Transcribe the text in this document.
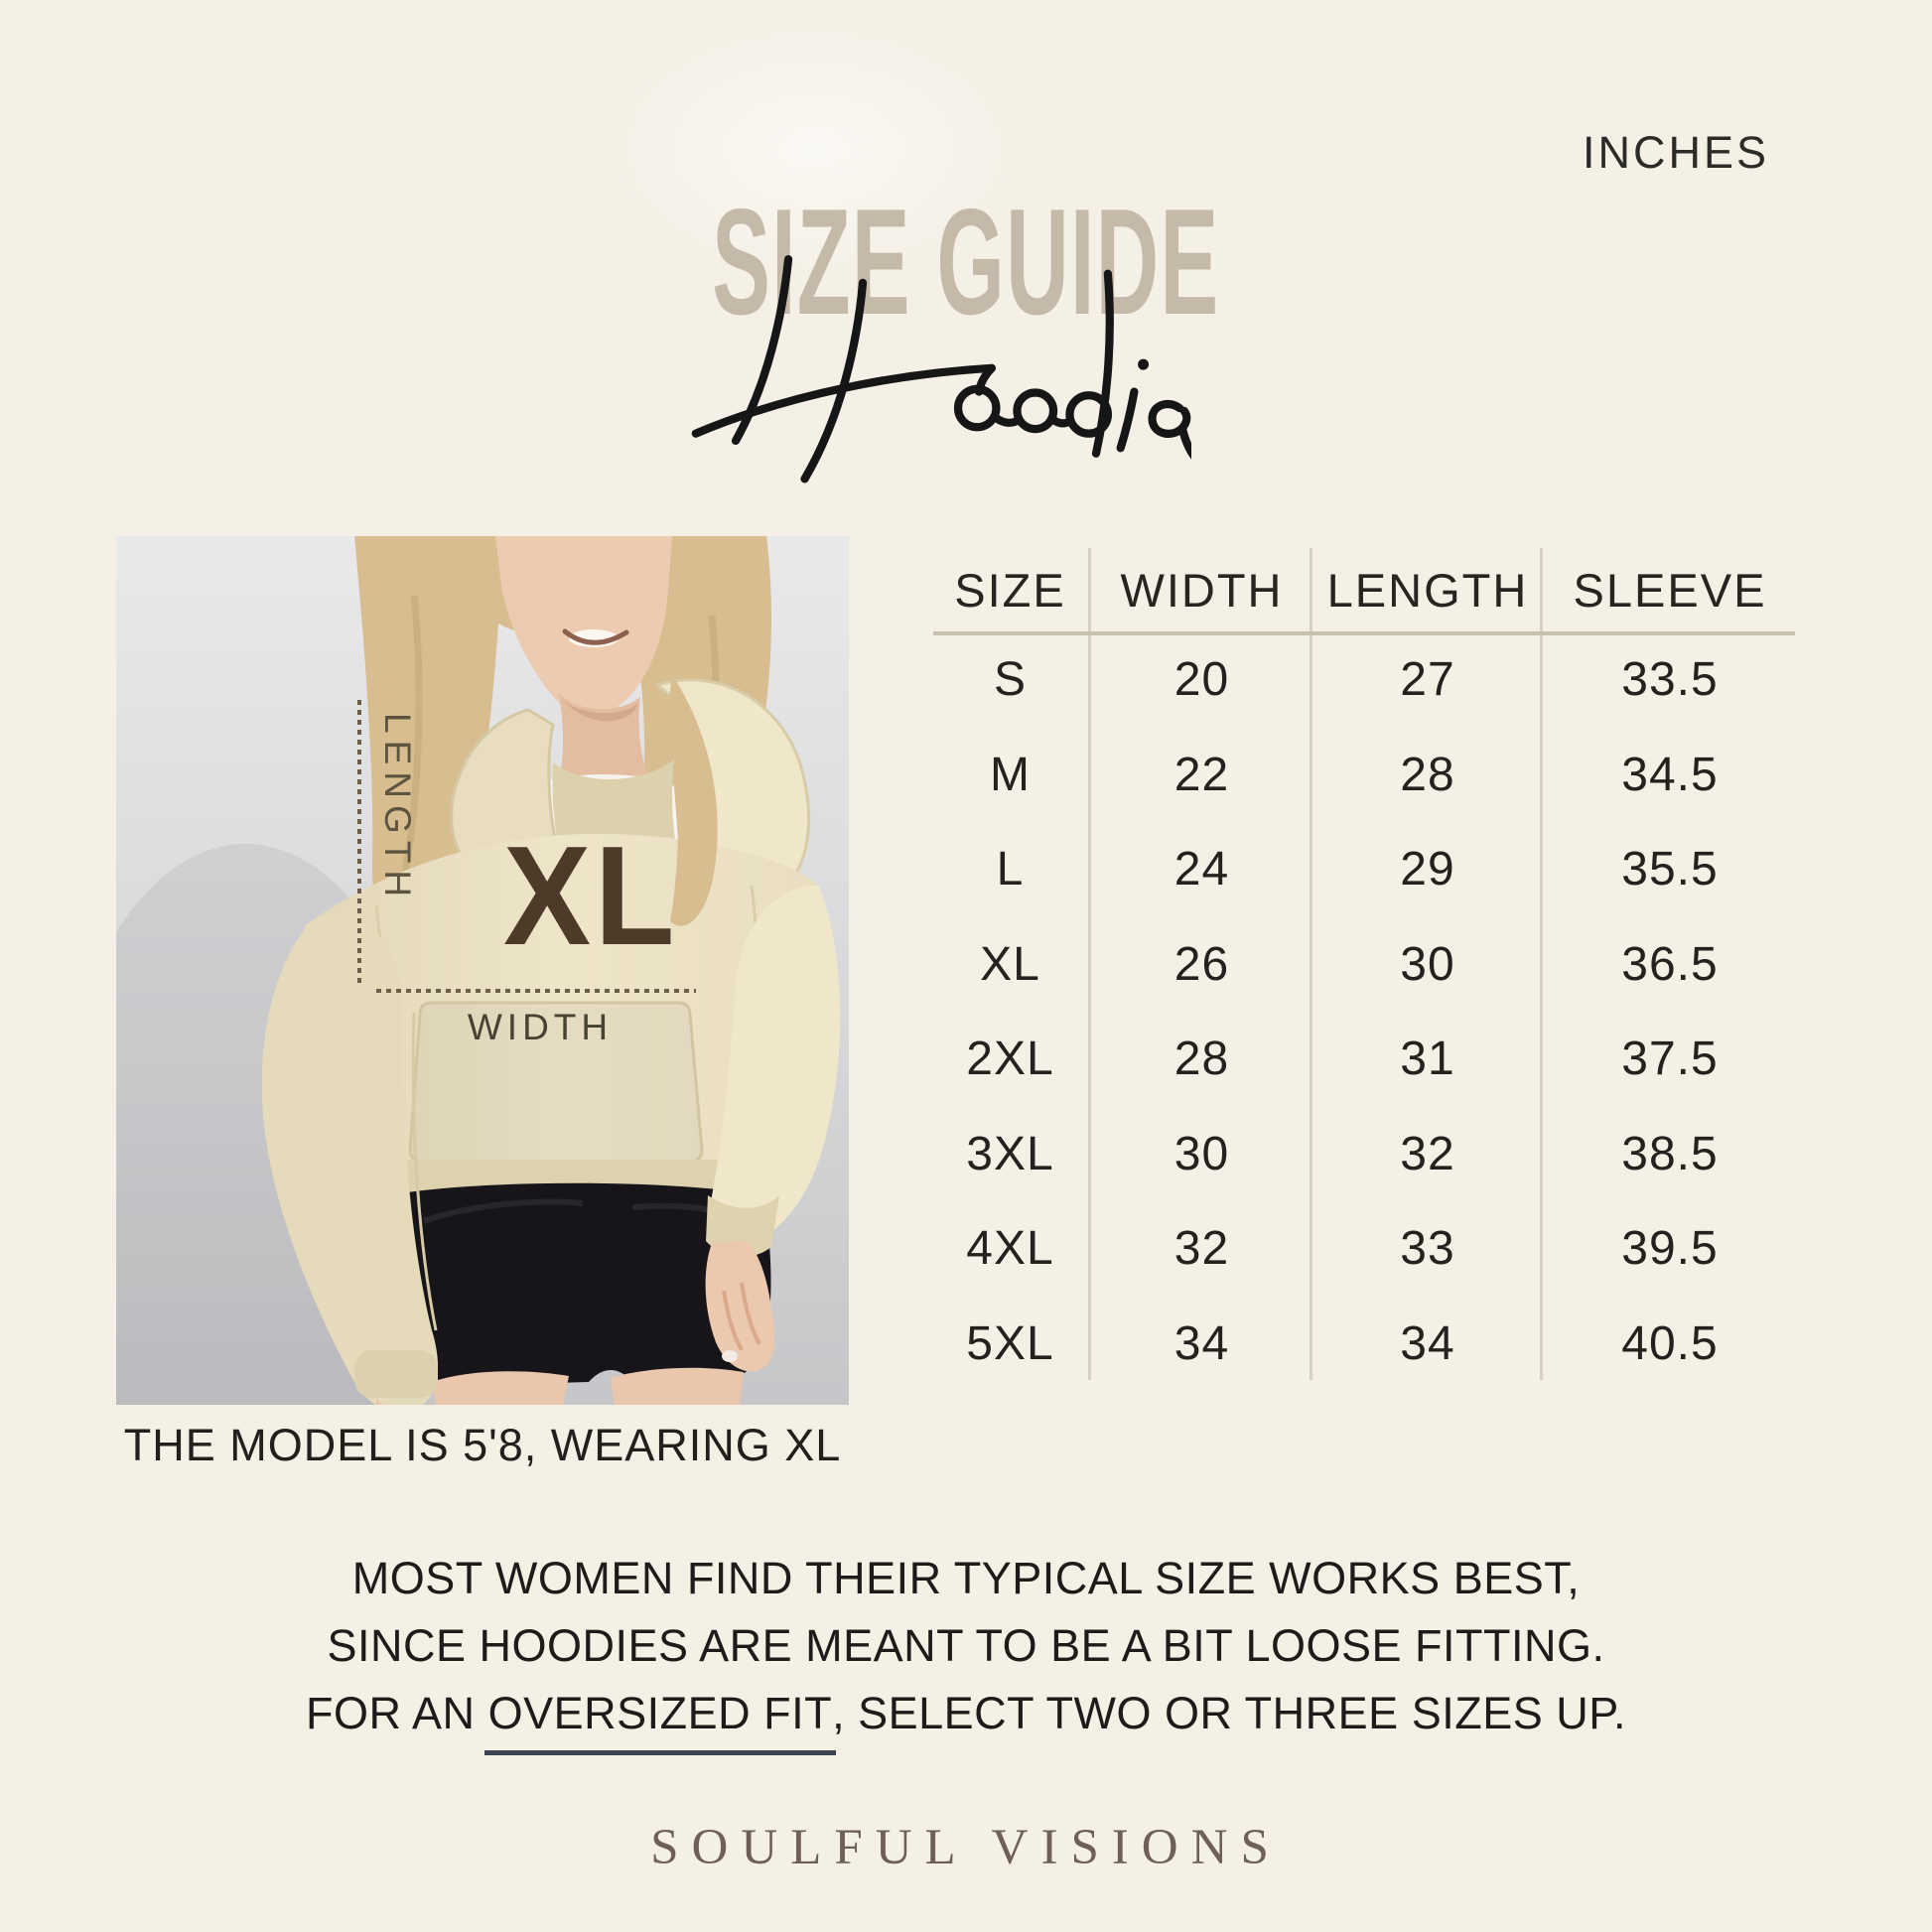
INCHES
SIZE GUIDE
LENGTH XL
WIDTH
THE MODEL IS 5'8, WEARING XL
SIZE	WIDTH LENGTH SLEEVE
S	20	27	33.5
M	22	28	34.5
L	24	29	35.5
XL	26	30	36.5
2XL	28	31	37.5
3XL	30	32	38.5
4XL	32	33	39.5
5XL	34	34	40.5
MOST WOMEN FIND THEIR TYPICAL SIZE WORKS BEST,
SINCE HOODIES ARE MEANT TO BE A BIT LOOSE FITTING.
FOR AN OVERSIZED FIT, SELECT TWO OR THREE SIZES UP.
SOULFUL VISIONS
